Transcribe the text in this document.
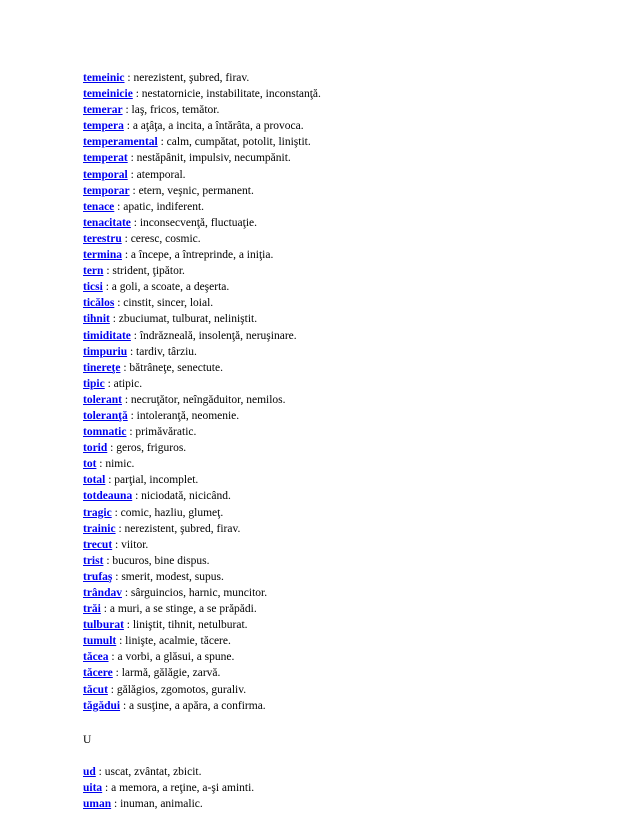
temeinic : nerezistent, şubred, firav.
temeinicie : nestatornicie, instabilitate, inconstanţă.
temerar : laş, fricos, temător.
tempera : a aţâţa, a incita, a întărâta, a provoca.
temperamental : calm, cumpătat, potolit, liniştit.
temperat : nestăpânit, impulsiv, necumpănit.
temporal : atemporal.
temporar : etern, veşnic, permanent.
tenace : apatic, indiferent.
tenacitate : inconsecvenţă, fluctuaţie.
terestru : ceresc, cosmic.
termina : a începe, a întreprinde, a iniţia.
tern : strident, ţipător.
ticsi : a goli, a scoate, a deşerta.
ticălos : cinstit, sincer, loial.
tihnit : zbuciumat, tulburat, neliniştit.
timiditate : îndrăzneală, insolenţă, neruşinare.
timpuriu : tardiv, târziu.
tinereţe : bătrâneţe, senectute.
tipic : atipic.
tolerant : necruţător, neîngăduitor, nemilos.
toleranţă : intoleranţă, neomenie.
tomnatic : primăvăratic.
torid : geros, friguros.
tot : nimic.
total : parţial, incomplet.
totdeauna : niciodată, nicicând.
tragic : comic, hazliu, glumeţ.
trainic : nerezistent, şubred, firav.
trecut : viitor.
trist : bucuros, bine dispus.
trufaş : smerit, modest, supus.
trândav : sârguincios, harnic, muncitor.
trăi : a muri, a se stinge, a se prăpădi.
tulburat : liniştit, tihnit, netulburat.
tumult : linişte, acalmie, tăcere.
tăcea : a vorbi, a glăsui, a spune.
tăcere : larmă, gălăgie, zarvă.
tăcut : gălăgios, zgomotos, guraliv.
tăgădui : a susţine, a apăra, a confirma.
U
ud : uscat, zvântat, zbicit.
uita : a memora, a reţine, a-şi aminti.
uman : inuman, animalic.
